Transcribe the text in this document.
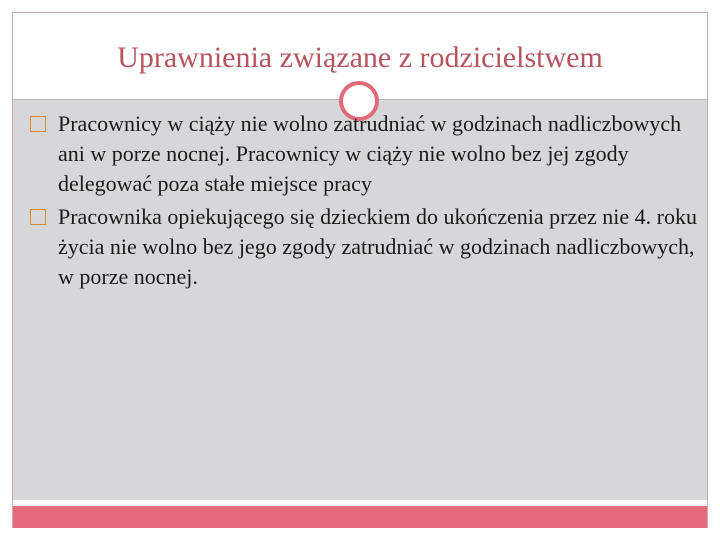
Uprawnienia związane z rodzicielstwem
Pracownicy w ciąży nie wolno zatrudniać w godzinach nadliczbowych ani w porze nocnej. Pracownicy w ciąży nie wolno bez jej zgody delegować poza stałe miejsce pracy
Pracownika opiekującego się dzieckiem do ukończenia przez nie 4. roku życia nie wolno bez jego zgody zatrudniać w godzinach nadliczbowych, w porze nocnej.
